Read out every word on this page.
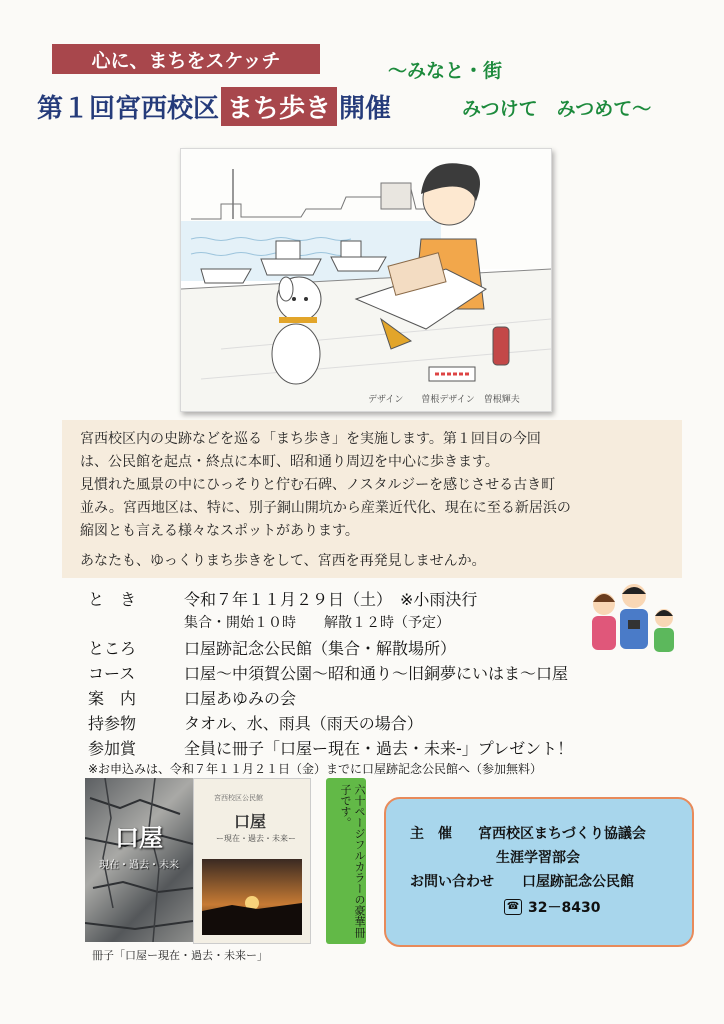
心に、まちをスケッチ
第１回宮西校区 まち歩き 開催
～みなと・街
みつけて　みつめて～
デザイン　　曽根デザイン　曽根輝夫
宮西校区内の史跡などを巡る「まち歩き」を実施します。第１回目の今回
は、公民館を起点・終点に本町、昭和通り周辺を中心に歩きます。
見慣れた風景の中にひっそりと佇む石碑、ノスタルジーを感じさせる古き町
並み。宮西地区は、特に、別子銅山開坑から産業近代化、現在に至る新居浜の
縮図とも言える様々なスポットがあります。
あなたも、ゆっくりまち歩きをして、宮西を再発見しませんか。
と　き	令和７年１１月２９日（土）　※小雨決行
集合・開始１０時　　解散１２時（予定）
ところ	口屋跡記念公民館（集合・解散場所）
コース	口屋～中須賀公園～昭和通り～旧銅夢にいはま～口屋
案　内	口屋あゆみの会
持参物	タオル、水、雨具（雨天の場合）
参加賞	全員に冊子「口屋ー現在・過去・未来-」プレゼント！
※お申込みは、令和７年１１月２１日（金）までに口屋跡記念公民館へ（参加無料）
口屋
現在・過去・未来
宮西校区公民館
口屋
ー現在・過去・未来ー
冊子「口屋ー現在・過去・未来ー」
六十ページフルカラーの豪華冊子です。
主　催 宮西校区まちづくり協議会
生涯学習部会
お問い合わせ 口屋跡記念公民館
☎ 32－8430
